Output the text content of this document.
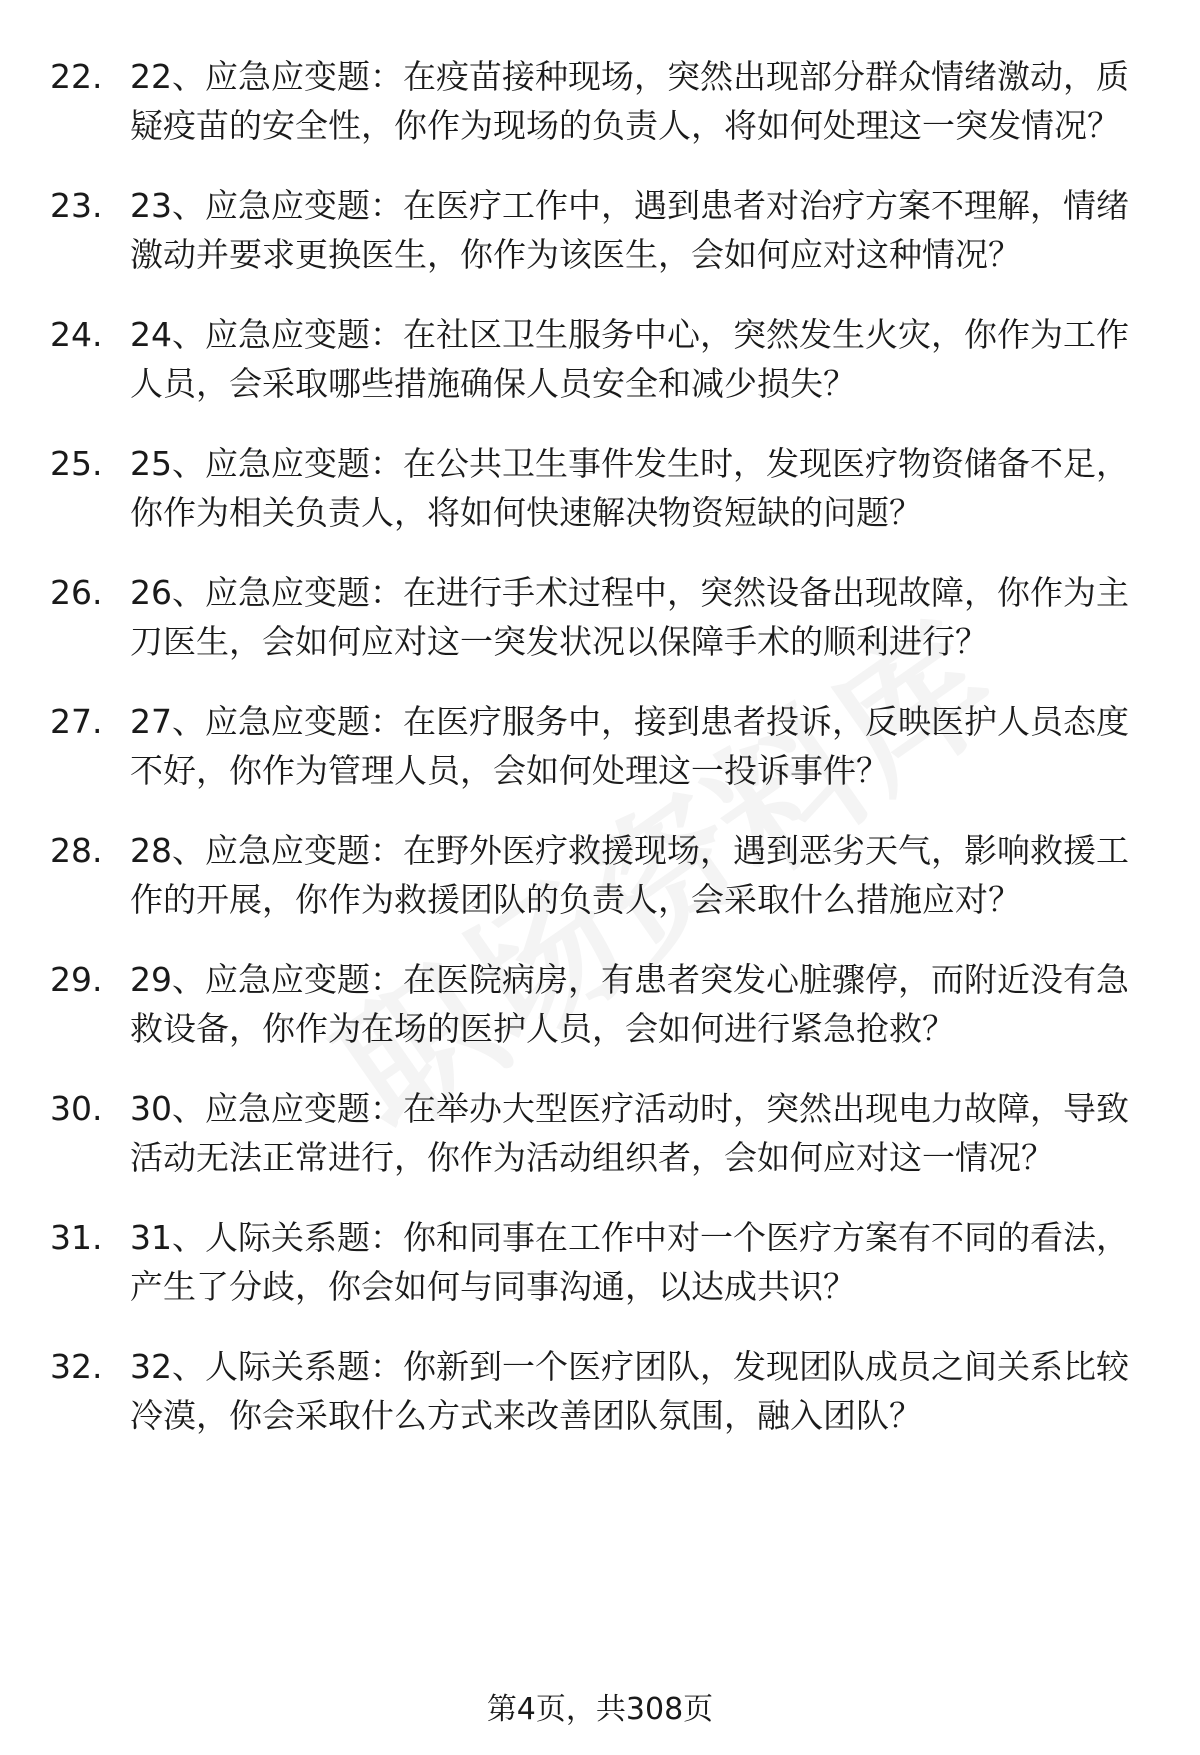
22. 22、应急应变题：在疫苗接种现场，突然出现部分群众情绪激动，质疑疫苗的安全性，你作为现场的负责人，将如何处理这一突发情况？
23. 23、应急应变题：在医疗工作中，遇到患者对治疗方案不理解，情绪激动并要求更换医生，你作为该医生，会如何应对这种情况？
24. 24、应急应变题：在社区卫生服务中心，突然发生火灾，你作为工作人员，会采取哪些措施确保人员安全和减少损失？
25. 25、应急应变题：在公共卫生事件发生时，发现医疗物资储备不足，你作为相关负责人，将如何快速解决物资短缺的问题？
26. 26、应急应变题：在进行手术过程中，突然设备出现故障，你作为主刀医生，会如何应对这一突发状况以保障手术的顺利进行？
27. 27、应急应变题：在医疗服务中，接到患者投诉，反映医护人员态度不好，你作为管理人员，会如何处理这一投诉事件？
28. 28、应急应变题：在野外医疗救援现场，遇到恶劣天气，影响救援工作的开展，你作为救援团队的负责人，会采取什么措施应对？
29. 29、应急应变题：在医院病房，有患者突发心脏骤停，而附近没有急救设备，你作为在场的医护人员，会如何进行紧急抢救？
30. 30、应急应变题：在举办大型医疗活动时，突然出现电力故障，导致活动无法正常进行，你作为活动组织者，会如何应对这一情况？
31. 31、人际关系题：你和同事在工作中对一个医疗方案有不同的看法，产生了分歧，你会如何与同事沟通，以达成共识？
32. 32、人际关系题：你新到一个医疗团队，发现团队成员之间关系比较冷漠，你会采取什么方式来改善团队氛围，融入团队？
第4页，共308页
